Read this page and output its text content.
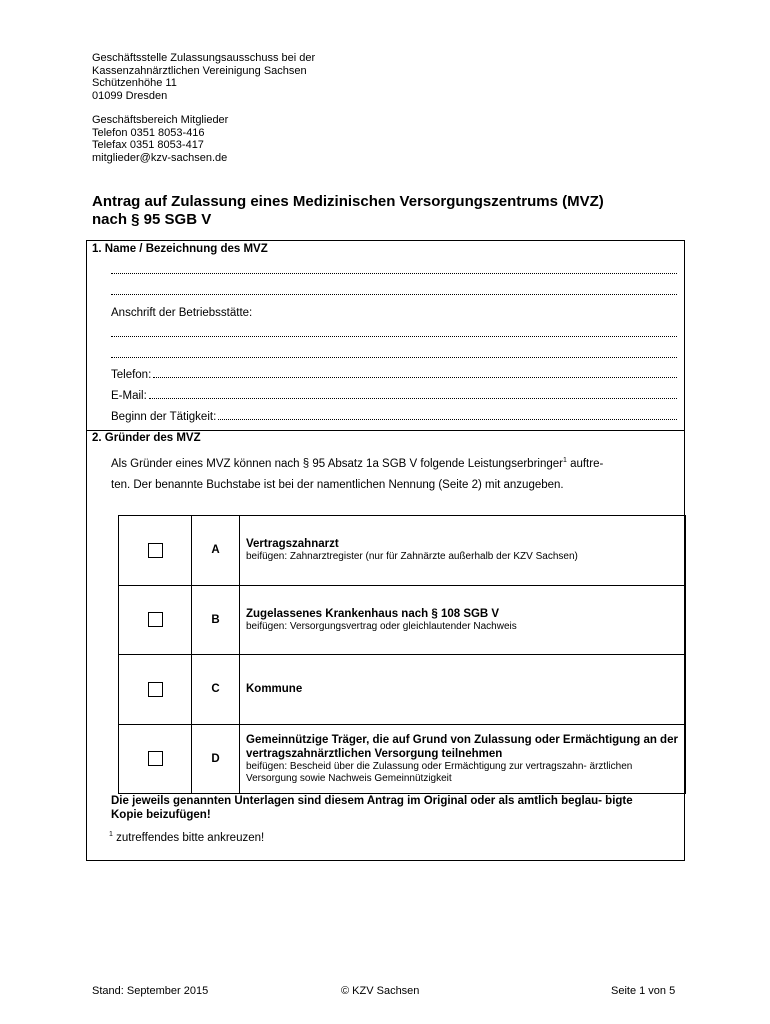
Geschäftsstelle Zulassungsausschuss bei der
Kassenzahnärztlichen Vereinigung Sachsen
Schützenhöhe 11
01099 Dresden
Geschäftsbereich Mitglieder
Telefon 0351 8053-416
Telefax 0351 8053-417
mitglieder@kzv-sachsen.de
Antrag auf Zulassung eines Medizinischen Versorgungszentrums (MVZ)
nach § 95 SGB V
1. Name / Bezeichnung des MVZ
Anschrift der Betriebsstätte:
Telefon:
E-Mail:
Beginn der Tätigkeit:
2. Gründer des MVZ
Als Gründer eines MVZ können nach § 95 Absatz 1a SGB V folgende Leistungserbringer$^1$ auftre-
ten. Der benannte Buchstabe ist bei der namentlichen Nennung (Seite 2) mit anzugeben.
	A	Vertragszahnarzt
beifügen: Zahnarztregister (nur für Zahnärzte außerhalb der KZV Sachsen)

	B	Zugelassenes Krankenhaus nach § 108 SGB V
beifügen: Versorgungsvertrag oder gleichlautender Nachweis

	C	Kommune

	D	Gemeinnützige Träger, die auf Grund von Zulassung oder Ermächtigung an der vertragszahnärztlichen Versorgung teilnehmen
beifügen: Bescheid über die Zulassung oder Ermächtigung zur vertragszahn- ärztlichen Versorgung sowie Nachweis Gemeinnützigkeit
Die jeweils genannten Unterlagen sind diesem Antrag im Original oder als amtlich beglau- bigte Kopie beizufügen!
$^1$ zutreffendes bitte ankreuzen!
Stand: September 2015	© KZV Sachsen	Seite 1 von 5
